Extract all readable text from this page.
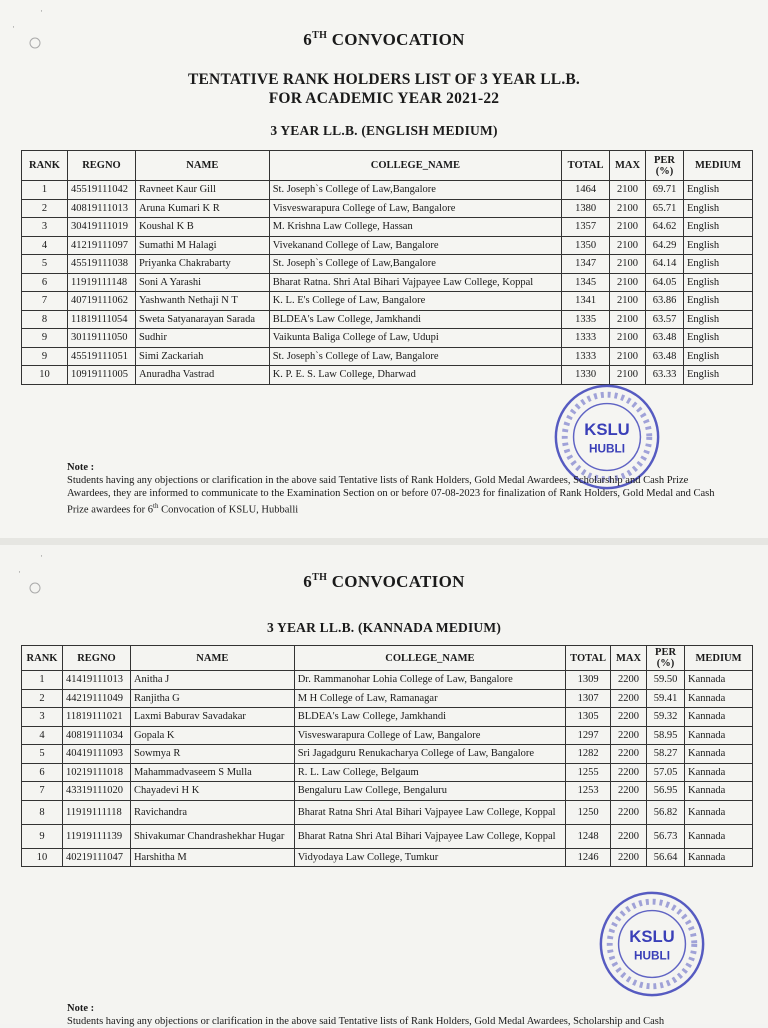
·
·
6TH CONVOCATION
TENTATIVE RANK HOLDERS LIST OF 3 YEAR LL.B.
FOR ACADEMIC YEAR 2021-22
3 YEAR LL.B. (ENGLISH MEDIUM)
RANK	REGNO	NAME	COLLEGE_NAME	TOTAL	MAX	PER (%)	MEDIUM
1	45519111042	Ravneet Kaur Gill	St. Joseph`s College of Law,Bangalore	1464	2100	69.71	English
2	40819111013	Aruna Kumari K R	Visveswarapura College of Law, Bangalore	1380	2100	65.71	English
3	30419111019	Koushal K B	M. Krishna Law College, Hassan	1357	2100	64.62	English
4	41219111097	Sumathi M Halagi	Vivekanand College of Law, Bangalore	1350	2100	64.29	English
5	45519111038	Priyanka Chakrabarty	St. Joseph`s College of Law,Bangalore	1347	2100	64.14	English
6	11919111148	Soni A Yarashi	Bharat Ratna. Shri Atal Bihari Vajpayee Law College, Koppal	1345	2100	64.05	English
7	40719111062	Yashwanth Nethaji N T	K. L. E's College of Law, Bangalore	1341	2100	63.86	English
8	11819111054	Sweta Satyanarayan Sarada	BLDEA's Law College, Jamkhandi	1335	2100	63.57	English
9	30119111050	Sudhir	Vaikunta Baliga College of Law, Udupi	1333	2100	63.48	English
9	45519111051	Simi Zackariah	St. Joseph`s College of Law, Bangalore	1333	2100	63.48	English
10	10919111005	Anuradha Vastrad	K. P. E. S. Law College, Dharwad	1330	2100	63.33	English
KSLU
HUBLI
Note :
Students having any objections or clarification in the above said Tentative lists of Rank Holders, Gold Medal Awardees, Scholarship and Cash Prize Awardees, they are informed to communicate to the Examination Section on or before 07-08-2023 for finalization of Rank Holders, Gold Medal and Cash Prize awardees for 6th Convocation of KSLU, Hubballi
·
·	6TH CONVOCATION
3 YEAR LL.B. (KANNADA MEDIUM)
RANK	REGNO	NAME	COLLEGE_NAME	TOTAL	MAX	PER (%)	MEDIUM
1	41419111013	Anitha J	Dr. Rammanohar Lohia College of Law, Bangalore	1309	2200	59.50	Kannada
2	44219111049	Ranjitha G	M H College of Law, Ramanagar	1307	2200	59.41	Kannada
3	11819111021	Laxmi Baburav Savadakar	BLDEA's Law College, Jamkhandi	1305	2200	59.32	Kannada
4	40819111034	Gopala K	Visveswarapura College of Law, Bangalore	1297	2200	58.95	Kannada
5	40419111093	Sowmya R	Sri Jagadguru Renukacharya College of Law, Bangalore	1282	2200	58.27	Kannada
6	10219111018	Mahammadvaseem S Mulla	R. L. Law College, Belgaum	1255	2200	57.05	Kannada
7	43319111020	Chayadevi H K	Bengaluru Law College, Bengaluru	1253	2200	56.95	Kannada
8	11919111118	Ravichandra	Bharat Ratna Shri Atal Bihari Vajpayee Law College, Koppal	1250	2200	56.82	Kannada
9	11919111139	Shivakumar Chandrashekhar Hugar	Bharat Ratna Shri Atal Bihari Vajpayee Law College, Koppal	1248	2200	56.73	Kannada
10	40219111047	Harshitha M	Vidyodaya Law College, Tumkur	1246	2200	56.64	Kannada
KSLU
HUBLI
Note :
Students having any objections or clarification in the above said Tentative lists of Rank Holders, Gold Medal Awardees, Scholarship and Cash
